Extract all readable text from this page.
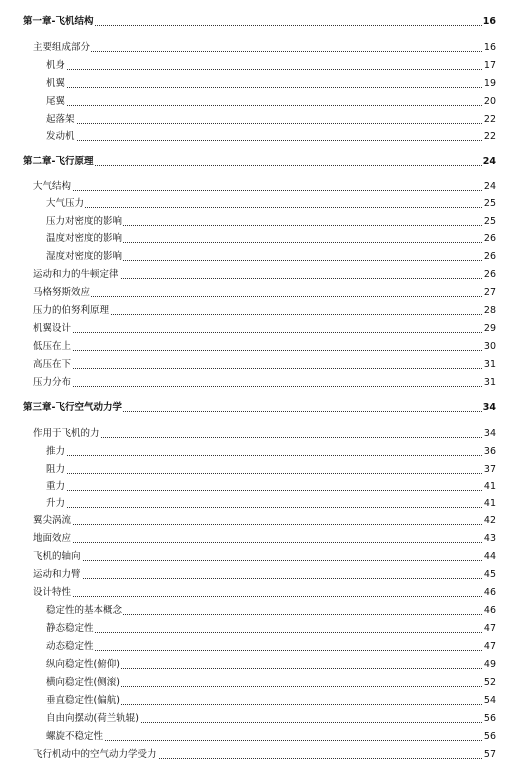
第一章-飞机结构	16
主要组成部分	16
机身	17
机翼	19
尾翼	20
起落架	22
发动机	22
第二章-飞行原理	24
大气结构	24
大气压力	25
压力对密度的影响	25
温度对密度的影响	26
湿度对密度的影响	26
运动和力的牛顿定律	26
马格努斯效应	27
压力的伯努利原理	28
机翼设计	29
低压在上	30
高压在下	31
压力分布	31
第三章-飞行空气动力学	34
作用于飞机的力	34
推力	36
阻力	37
重力	41
升力	41
翼尖涡流	42
地面效应	43
飞机的轴向	44
运动和力臂	45
设计特性	46
稳定性的基本概念	46
静态稳定性	47
动态稳定性	47
纵向稳定性(俯仰)	49
横向稳定性(侧滚)	52
垂直稳定性(偏航)	54
自由向摆动(荷兰轨辊)	56
螺旋不稳定性	56
飞行机动中的空气动力学受力	57
